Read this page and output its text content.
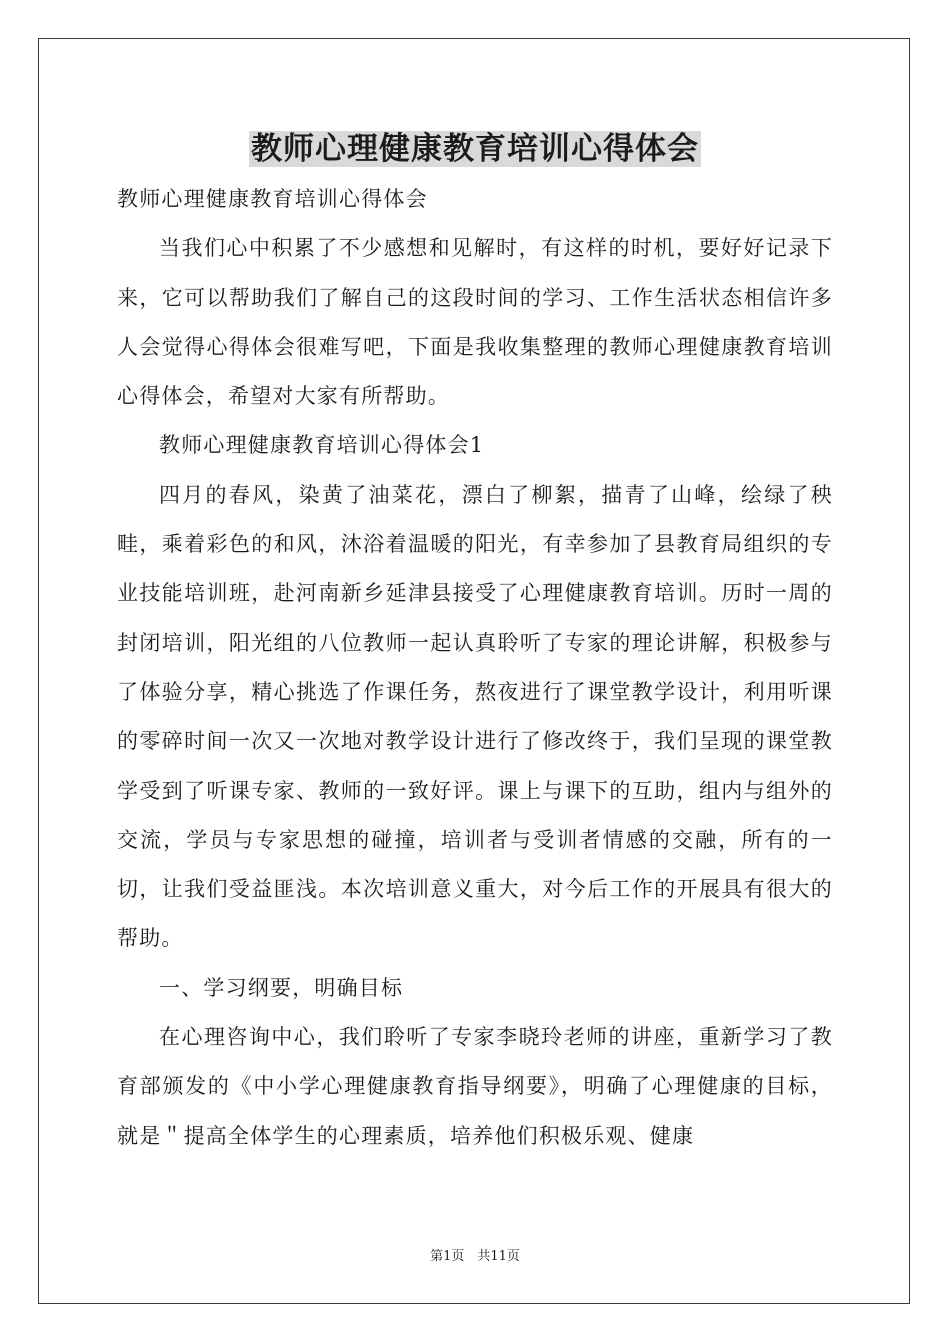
教师心理健康教育培训心得体会

教师心理健康教育培训心得体会

当我们心中积累了不少感想和见解时，有这样的时机，要好好记录下来，它可以帮助我们了解自己的这段时间的学习、工作生活状态相信许多人会觉得心得体会很难写吧，下面是我收集整理的教师心理健康教育培训心得体会，希望对大家有所帮助。

教师心理健康教育培训心得体会1

四月的春风，染黄了油菜花，漂白了柳絮，描青了山峰，绘绿了秧畦，乘着彩色的和风，沐浴着温暖的阳光，有幸参加了县教育局组织的专业技能培训班，赴河南新乡延津县接受了心理健康教育培训。历时一周的封闭培训，阳光组的八位教师一起认真聆听了专家的理论讲解，积极参与了体验分享，精心挑选了作课任务，熬夜进行了课堂教学设计，利用听课的零碎时间一次又一次地对教学设计进行了修改终于，我们呈现的课堂教学受到了听课专家、教师的一致好评。课上与课下的互助，组内与组外的交流，学员与专家思想的碰撞，培训者与受训者情感的交融，所有的一切，让我们受益匪浅。本次培训意义重大，对今后工作的开展具有很大的帮助。

一、学习纲要，明确目标

在心理咨询中心，我们聆听了专家李晓玲老师的讲座，重新学习了教育部颁发的《中小学心理健康教育指导纲要》，明确了心理健康的目标，就是＂提高全体学生的心理素质，培养他们积极乐观、健康

第1页　共11页
